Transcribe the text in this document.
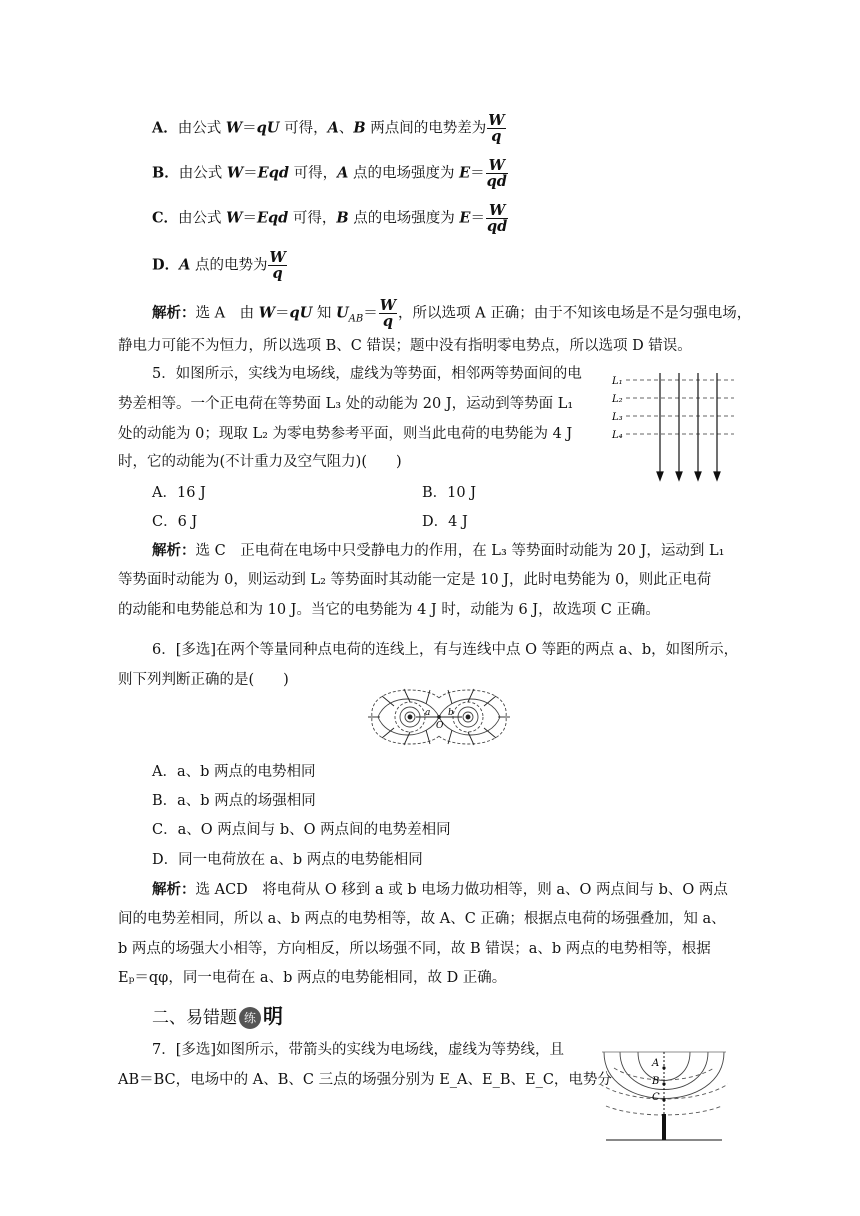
A．由公式 W＝qU 可得，A、B 两点间的电势差为 $\frac{W}{q}$
B．由公式 W＝Eqd 可得，A 点的电场强度为 $E= \frac{W}{qd}$
C．由公式 W＝Eqd 可得，B 点的电场强度为 $E= \frac{W}{qd}$
D．A 点的电势为 $\frac{W}{q}$
解析：选 A　由 W＝qU 知 $U_{AB}= \frac{W}{q}$ ，所以选项 A 正确；由于不知该电场是不是匀强电场，
静电力可能不为恒力，所以选项 B、C 错误；题中没有指明零电势点，所以选项 D 错误。
5．如图所示，实线为电场线，虚线为等势面，相邻两等势面间的电
势差相等。一个正电荷在等势面 L₃ 处的动能为 20 J，运动到等势面 L₁
处的动能为 0；现取 L₂ 为零电势参考平面，则当此电荷的电势能为 4 J
时，它的动能为(不计重力及空气阻力)(　　)
A．16 J	B．10 J
C．6 J	D．4 J
解析：选 C　正电荷在电场中只受静电力的作用，在 L₃ 等势面时动能为 20 J，运动到 L₁
等势面时动能为 0，则运动到 L₂ 等势面时其动能一定是 10 J，此时电势能为 0，则此正电荷
的动能和电势能总和为 10 J。当它的电势能为 4 J 时，动能为 6 J，故选项 C 正确。
L₁
L₂
L₃
L₄
6．[多选]在两个等量同种点电荷的连线上，有与连线中点 O 等距的两点 a、b，如图所示，
则下列判断正确的是(　　)
a
O
b
A．a、b 两点的电势相同
B．a、b 两点的场强相同
C．a、O 两点间与 b、O 两点间的电势差相同
D．同一电荷放在 a、b 两点的电势能相同
解析：选 ACD　将电荷从 O 移到 a 或 b 电场力做功相等，则 a、O 两点间与 b、O 两点
间的电势差相同，所以 a、b 两点的电势相等，故 A、C 正确；根据点电荷的场强叠加，知 a、
b 两点的场强大小相等，方向相反，所以场强不同，故 B 错误；a、b 两点的电势相等，根据
Eₚ＝qφ，同一电荷在 a、b 两点的电势能相同，故 D 正确。
二、易错题 练 明
7．[多选]如图所示，带箭头的实线为电场线，虚线为等势线，且
AB＝BC，电场中的 A、B、C 三点的场强分别为 E_A、E_B、E_C，电势分
A
B
C
